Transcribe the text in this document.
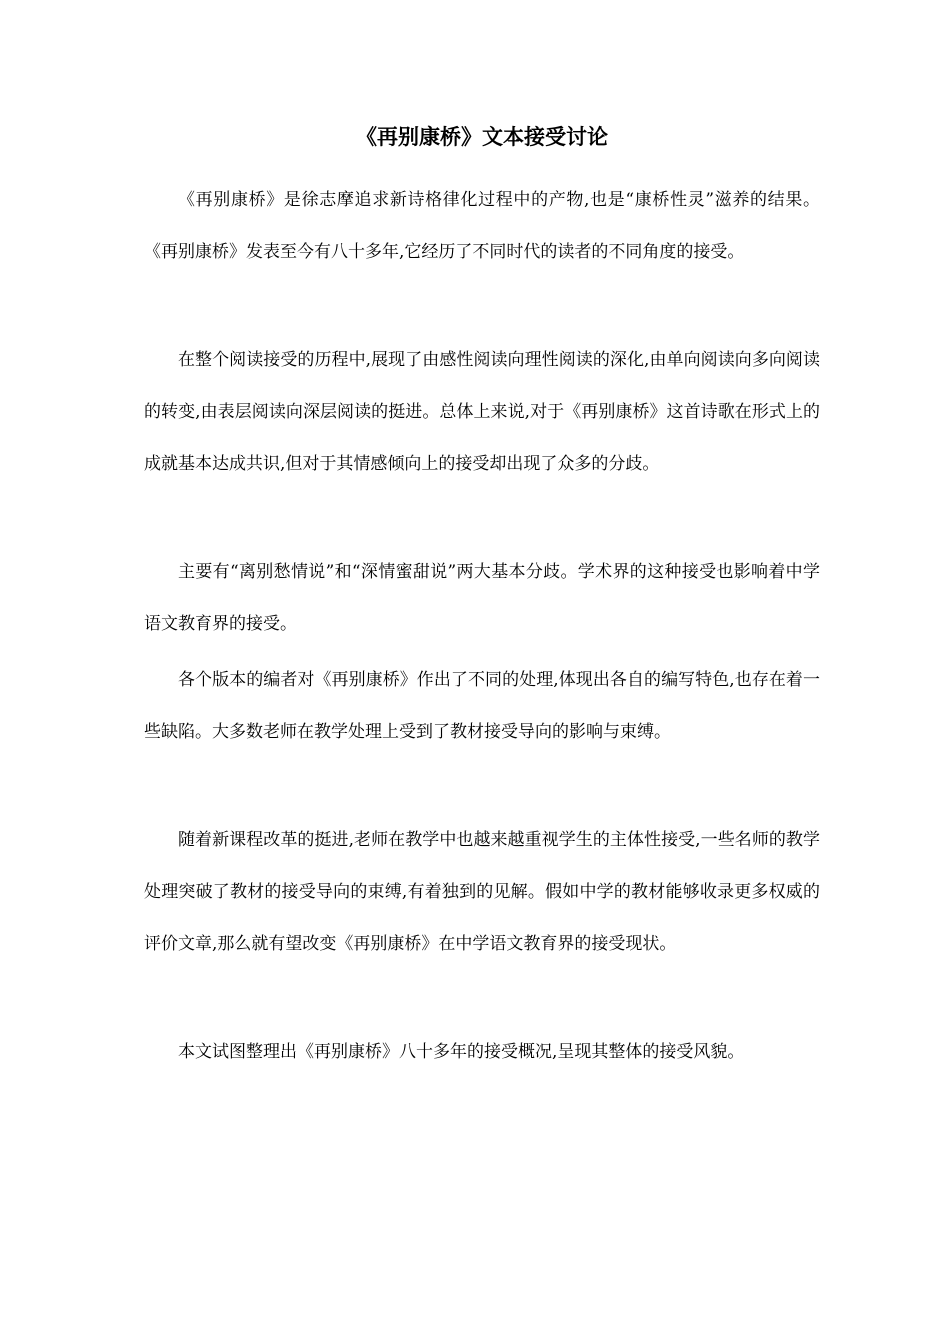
《再别康桥》文本接受讨论

《再别康桥》是徐志摩追求新诗格律化过程中的产物,也是“康桥性灵”滋养的结果。《再别康桥》发表至今有八十多年,它经历了不同时代的读者的不同角度的接受。

在整个阅读接受的历程中,展现了由感性阅读向理性阅读的深化,由单向阅读向多向阅读的转变,由表层阅读向深层阅读的挺进。总体上来说,对于《再别康桥》这首诗歌在形式上的成就基本达成共识,但对于其情感倾向上的接受却出现了众多的分歧。

主要有“离别愁情说”和“深情蜜甜说”两大基本分歧。学术界的这种接受也影响着中学语文教育界的接受。

各个版本的编者对《再别康桥》作出了不同的处理,体现出各自的编写特色,也存在着一些缺陷。大多数老师在教学处理上受到了教材接受导向的影响与束缚。

随着新课程改革的挺进,老师在教学中也越来越重视学生的主体性接受,一些名师的教学处理突破了教材的接受导向的束缚,有着独到的见解。假如中学的教材能够收录更多权威的评价文章,那么就有望改变《再别康桥》在中学语文教育界的接受现状。

本文试图整理出《再别康桥》八十多年的接受概况,呈现其整体的接受风貌。
